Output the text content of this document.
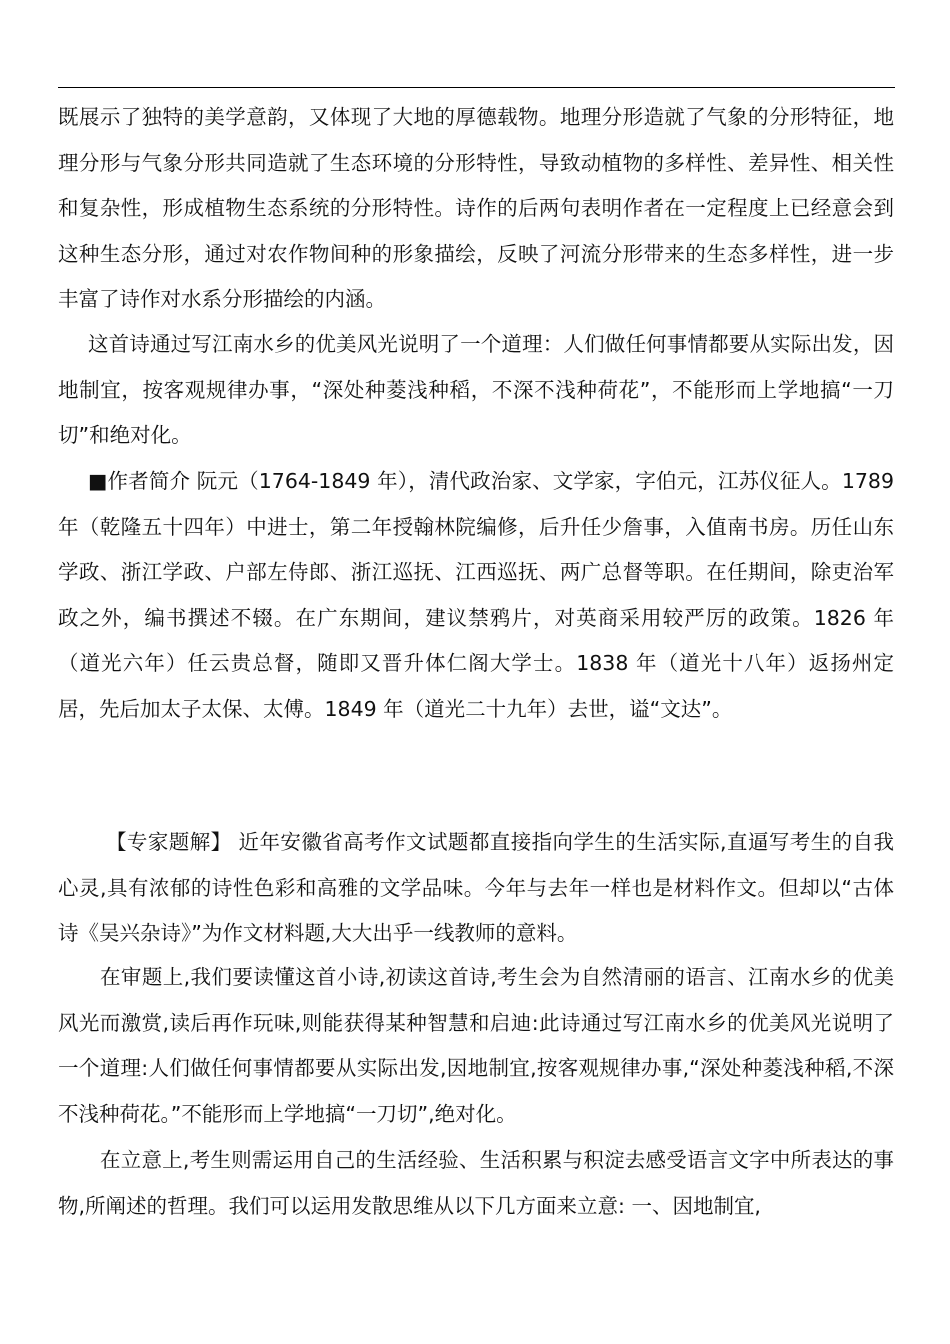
既展示了独特的美学意韵，又体现了大地的厚德载物。地理分形造就了气象的分形特征，地理分形与气象分形共同造就了生态环境的分形特性，导致动植物的多样性、差异性、相关性和复杂性，形成植物生态系统的分形特性。诗作的后两句表明作者在一定程度上已经意会到这种生态分形，通过对农作物间种的形象描绘，反映了河流分形带来的生态多样性，进一步丰富了诗作对水系分形描绘的内涵。

这首诗通过写江南水乡的优美风光说明了一个道理：人们做任何事情都要从实际出发，因地制宜，按客观规律办事，“深处种菱浅种稻，不深不浅种荷花”，不能形而上学地搞“一刀切”和绝对化。

■作者简介 阮元（1764-1849 年），清代政治家、文学家，字伯元，江苏仪征人。1789 年（乾隆五十四年）中进士，第二年授翰林院编修，后升任少詹事，入值南书房。历任山东学政、浙江学政、户部左侍郎、浙江巡抚、江西巡抚、两广总督等职。在任期间，除吏治军政之外，编书撰述不辍。在广东期间，建议禁鸦片，对英商采用较严厉的政策。1826 年（道光六年）任云贵总督，随即又晋升体仁阁大学士。1838 年（道光十八年）返扬州定居，先后加太子太保、太傅。1849 年（道光二十九年）去世，谥“文达”。

【专家题解】 近年安徽省高考作文试题都直接指向学生的生活实际,直逼写考生的自我心灵,具有浓郁的诗性色彩和高雅的文学品味。今年与去年一样也是材料作文。但却以“古体诗《吴兴杂诗》”为作文材料题,大大出乎一线教师的意料。

在审题上,我们要读懂这首小诗,初读这首诗,考生会为自然清丽的语言、江南水乡的优美风光而激赏,读后再作玩味,则能获得某种智慧和启迪:此诗通过写江南水乡的优美风光说明了一个道理:人们做任何事情都要从实际出发,因地制宜,按客观规律办事,“深处种菱浅种稻,不深不浅种荷花。”不能形而上学地搞“一刀切”,绝对化。

在立意上,考生则需运用自己的生活经验、生活积累与积淀去感受语言文字中所表达的事物,所阐述的哲理。我们可以运用发散思维从以下几方面来立意: 一、因地制宜,
